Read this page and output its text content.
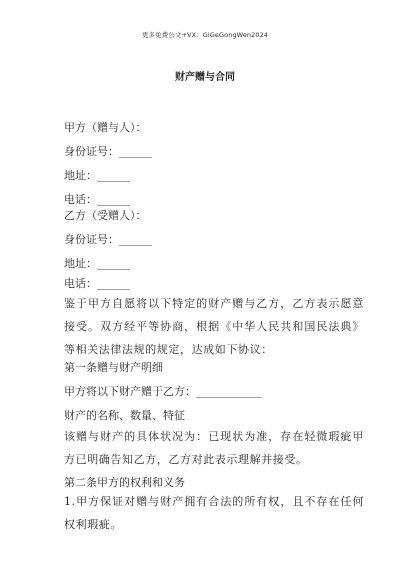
更多免费公文+VX：GiGeGongWen2024
财产赠与合同
甲方（赠与人）：
身份证号：______
地址：______
电话：______
乙方（受赠人）：
身份证号：______
地址：______
电话：______
鉴于甲方自愿将以下特定的财产赠与乙方，乙方表示愿意接受。双方经平等协商，根据《中华人民共和国民法典》等相关法律法规的规定，达成如下协议：
第一条赠与财产明细
甲方将以下财产赠于乙方：____________
财产的名称、数量、特征
该赠与财产的具体状况为：已现状为准，存在轻微瑕疵甲方已明确告知乙方，乙方对此表示理解并接受。
第二条甲方的权利和义务
1.甲方保证对赠与财产拥有合法的所有权，且不存在任何权利瑕疵。
